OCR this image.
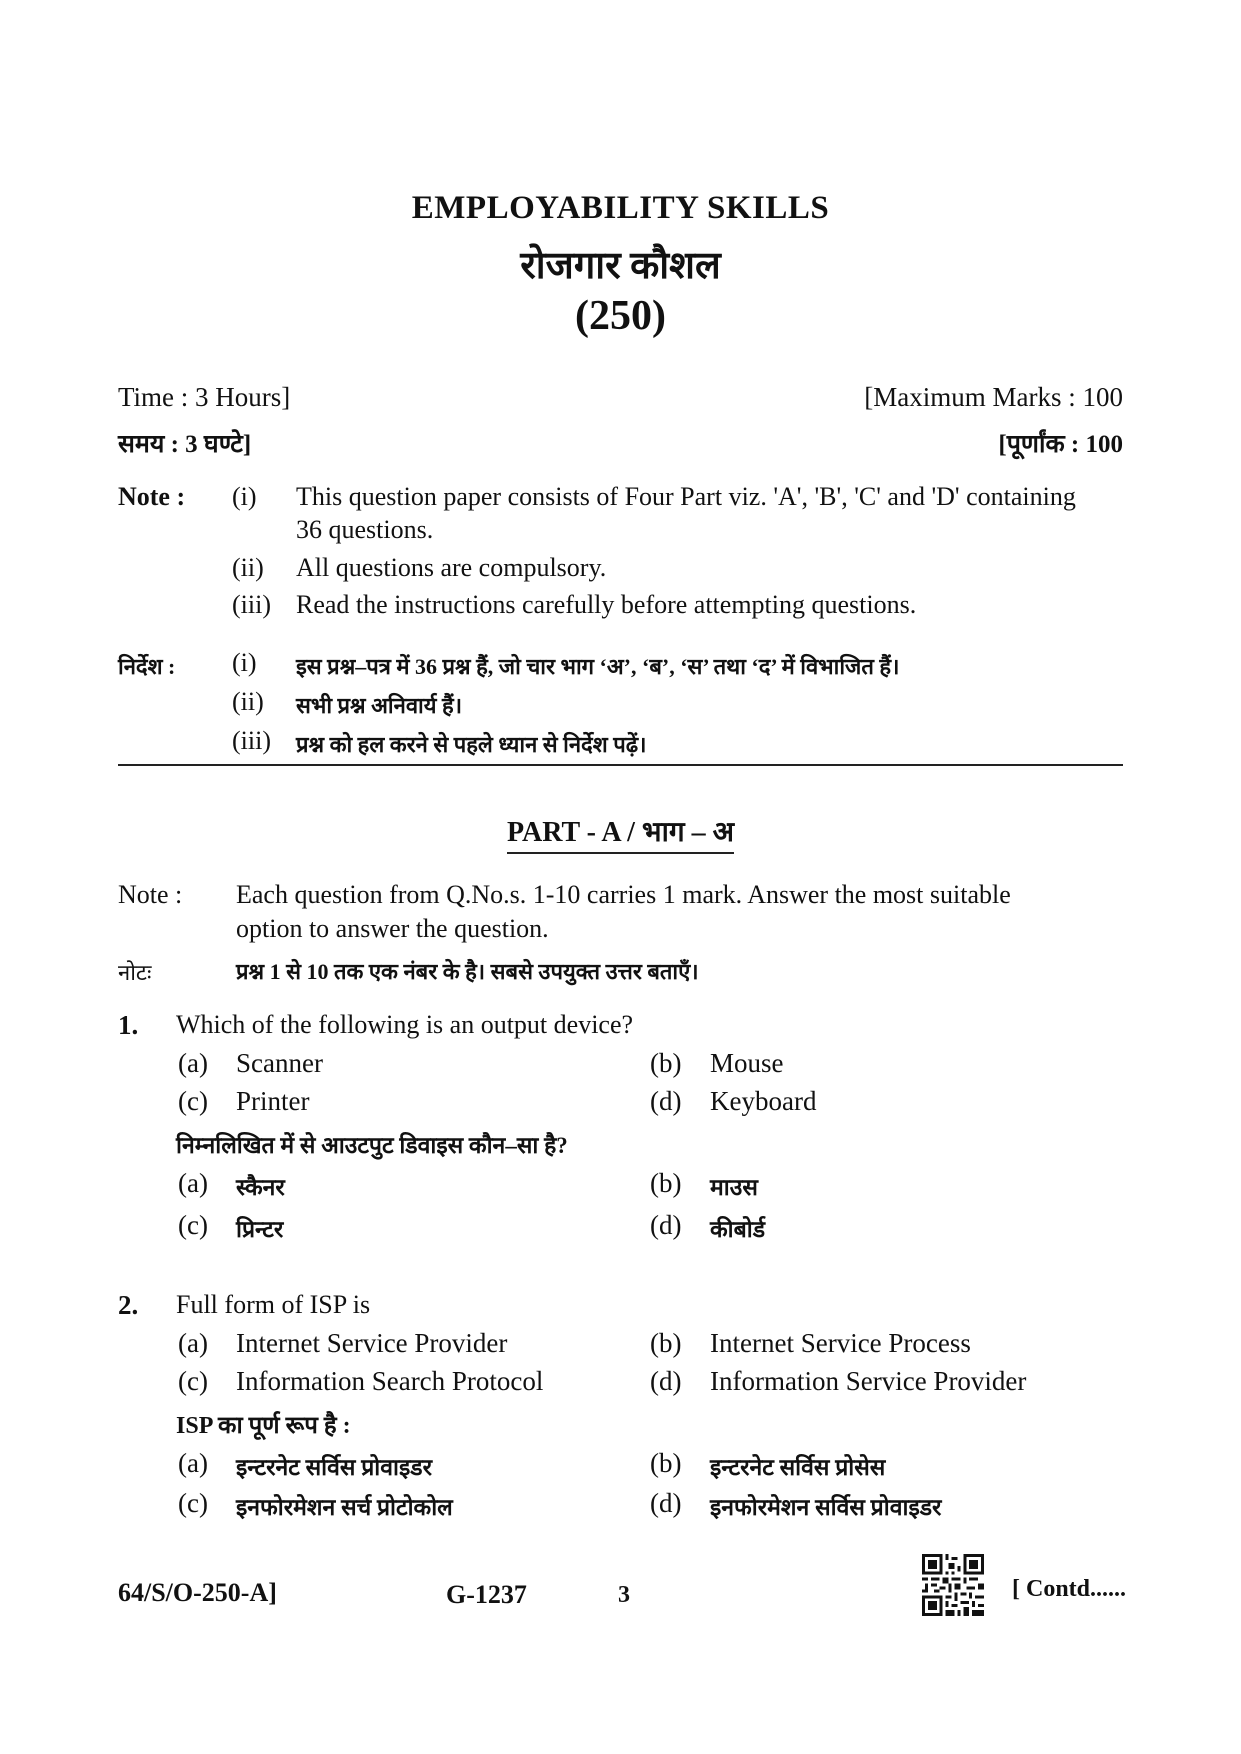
EMPLOYABILITY SKILLS
रोजगार कौशल
(250)
Time : 3 Hours]	[Maximum Marks : 100
समय : 3 घण्टे]	[पूर्णांक : 100
Note : (i) This question paper consists of Four Part viz. 'A', 'B', 'C' and 'D' containing
36 questions.
(ii) All questions are compulsory.
(iii) Read the instructions carefully before attempting questions.
निर्देश : (i) इस प्रश्न–पत्र में 36 प्रश्न हैं, जो चार भाग ‘अ’, ‘ब’, ‘स’ तथा ‘द’ में विभाजित हैं।
(ii) सभी प्रश्न अनिवार्य हैं।
(iii) प्रश्न को हल करने से पहले ध्यान से निर्देश पढ़ें।
PART - A / भाग – अ
Note : Each question from Q.No.s. 1-10 carries 1 mark. Answer the most suitable
option to answer the question.
नोटः	प्रश्न 1 से 10 तक एक नंबर के है। सबसे उपयुक्त उत्तर बताएँ।
1. Which of the following is an output device?
(a) Scanner	(b) Mouse
(c) Printer	(d) Keyboard
निम्नलिखित में से आउटपुट डिवाइस कौन–सा है?
(a) स्कैनर	(b) माउस
(c) प्रिन्टर	(d) कीबोर्ड
2. Full form of ISP is
(a) Internet Service Provider	(b) Internet Service Process
(c) Information Search Protocol	(d) Information Service Provider
ISP का पूर्ण रूप है :
(a) इन्टरनेट सर्विस प्रोवाइडर	(b) इन्टरनेट सर्विस प्रोसेस
(c) इनफोरमेशन सर्च प्रोटोकोल	(d) इनफोरमेशन सर्विस प्रोवाइडर
64/S/O-250-A]	G-1237	3	[ Contd......
